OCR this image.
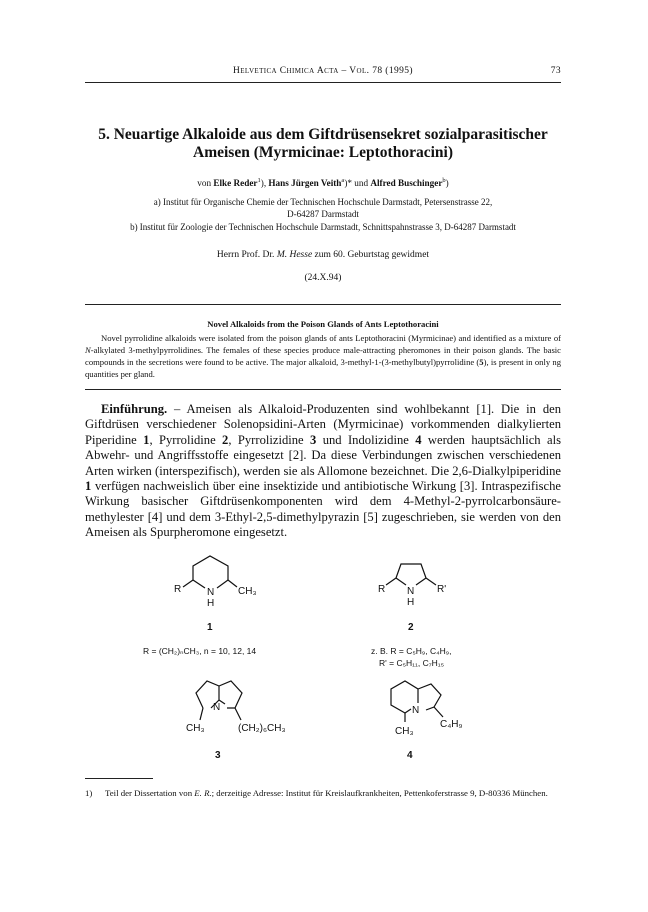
Helvetica Chimica Acta – Vol. 78 (1995)	73
5. Neuartige Alkaloide aus dem Giftdrüsensekret sozialparasitischer
Ameisen (Myrmicinae: Leptothoracini)
von Elke Reder$^1$), Hans Jürgen Veith$^a$)* und Alfred Buschinger$^b$)
a) Institut für Organische Chemie der Technischen Hochschule Darmstadt, Petersenstrasse 22,
D-64287 Darmstadt
b) Institut für Zoologie der Technischen Hochschule Darmstadt, Schnittspahnstrasse 3, D-64287 Darmstadt
Herrn Prof. Dr. M. Hesse zum 60. Geburtstag gewidmet
(24.X.94)
Novel Alkaloids from the Poison Glands of Ants Leptothoracini

Novel pyrrolidine alkaloids were isolated from the poison glands of ants Leptothoracini (Myrmicinae) and identified as a mixture of N-alkylated 3-methylpyrrolidines. The females of these species produce male-attracting pheromones in their poison glands. The basic compounds in the secretions were found to be active. The major alkaloid, 3-methyl-1-(3-methylbutyl)pyrrolidine (5), is present in only ng quantities per gland.

Einführung. – Ameisen als Alkaloid-Produzenten sind wohlbekannt [1]. Die in den Giftdrüsen verschiedener Solenopsidini-Arten (Myrmicinae) vorkommenden dialkylierten Piperidine 1, Pyrrolidine 2, Pyrrolizidine 3 und Indolizidine 4 werden hauptsächlich als Abwehr- und Angriffsstoffe eingesetzt [2]. Da diese Verbindungen zwischen verschiedenen Arten wirken (interspezifisch), werden sie als Allomone bezeichnet. Die 2,6-Dialkylpiperidine 1 verfügen nachweislich über eine insektizide und antibiotische Wirkung [3]. Intraspezifische Wirkung basischer Giftdrüsenkomponenten wird dem 4-Methyl-2-pyrrolcarbonsäure-methylester [4] und dem 3-Ethyl-2,5-dimethylpyrazin [5] zugeschrieben, sie werden von den Ameisen als Spurpheromone eingesetzt.

R	N
H
CH₃
1
R = (CH₂)ₙCH₃, n = 10, 12, 14
R N
H
R'
2
z. B. R = C₅H₉, C₄H₉,
R' = C₅H₁₁, C₇H₁₅
N
CH₃	(CH₂)₆CH₃
3
N
CH₃
C₄H₉
4
1) Teil der Dissertation von E. R.; derzeitige Adresse: Institut für Kreislaufkrankheiten, Pettenkoferstrasse 9, D-80336 München.
